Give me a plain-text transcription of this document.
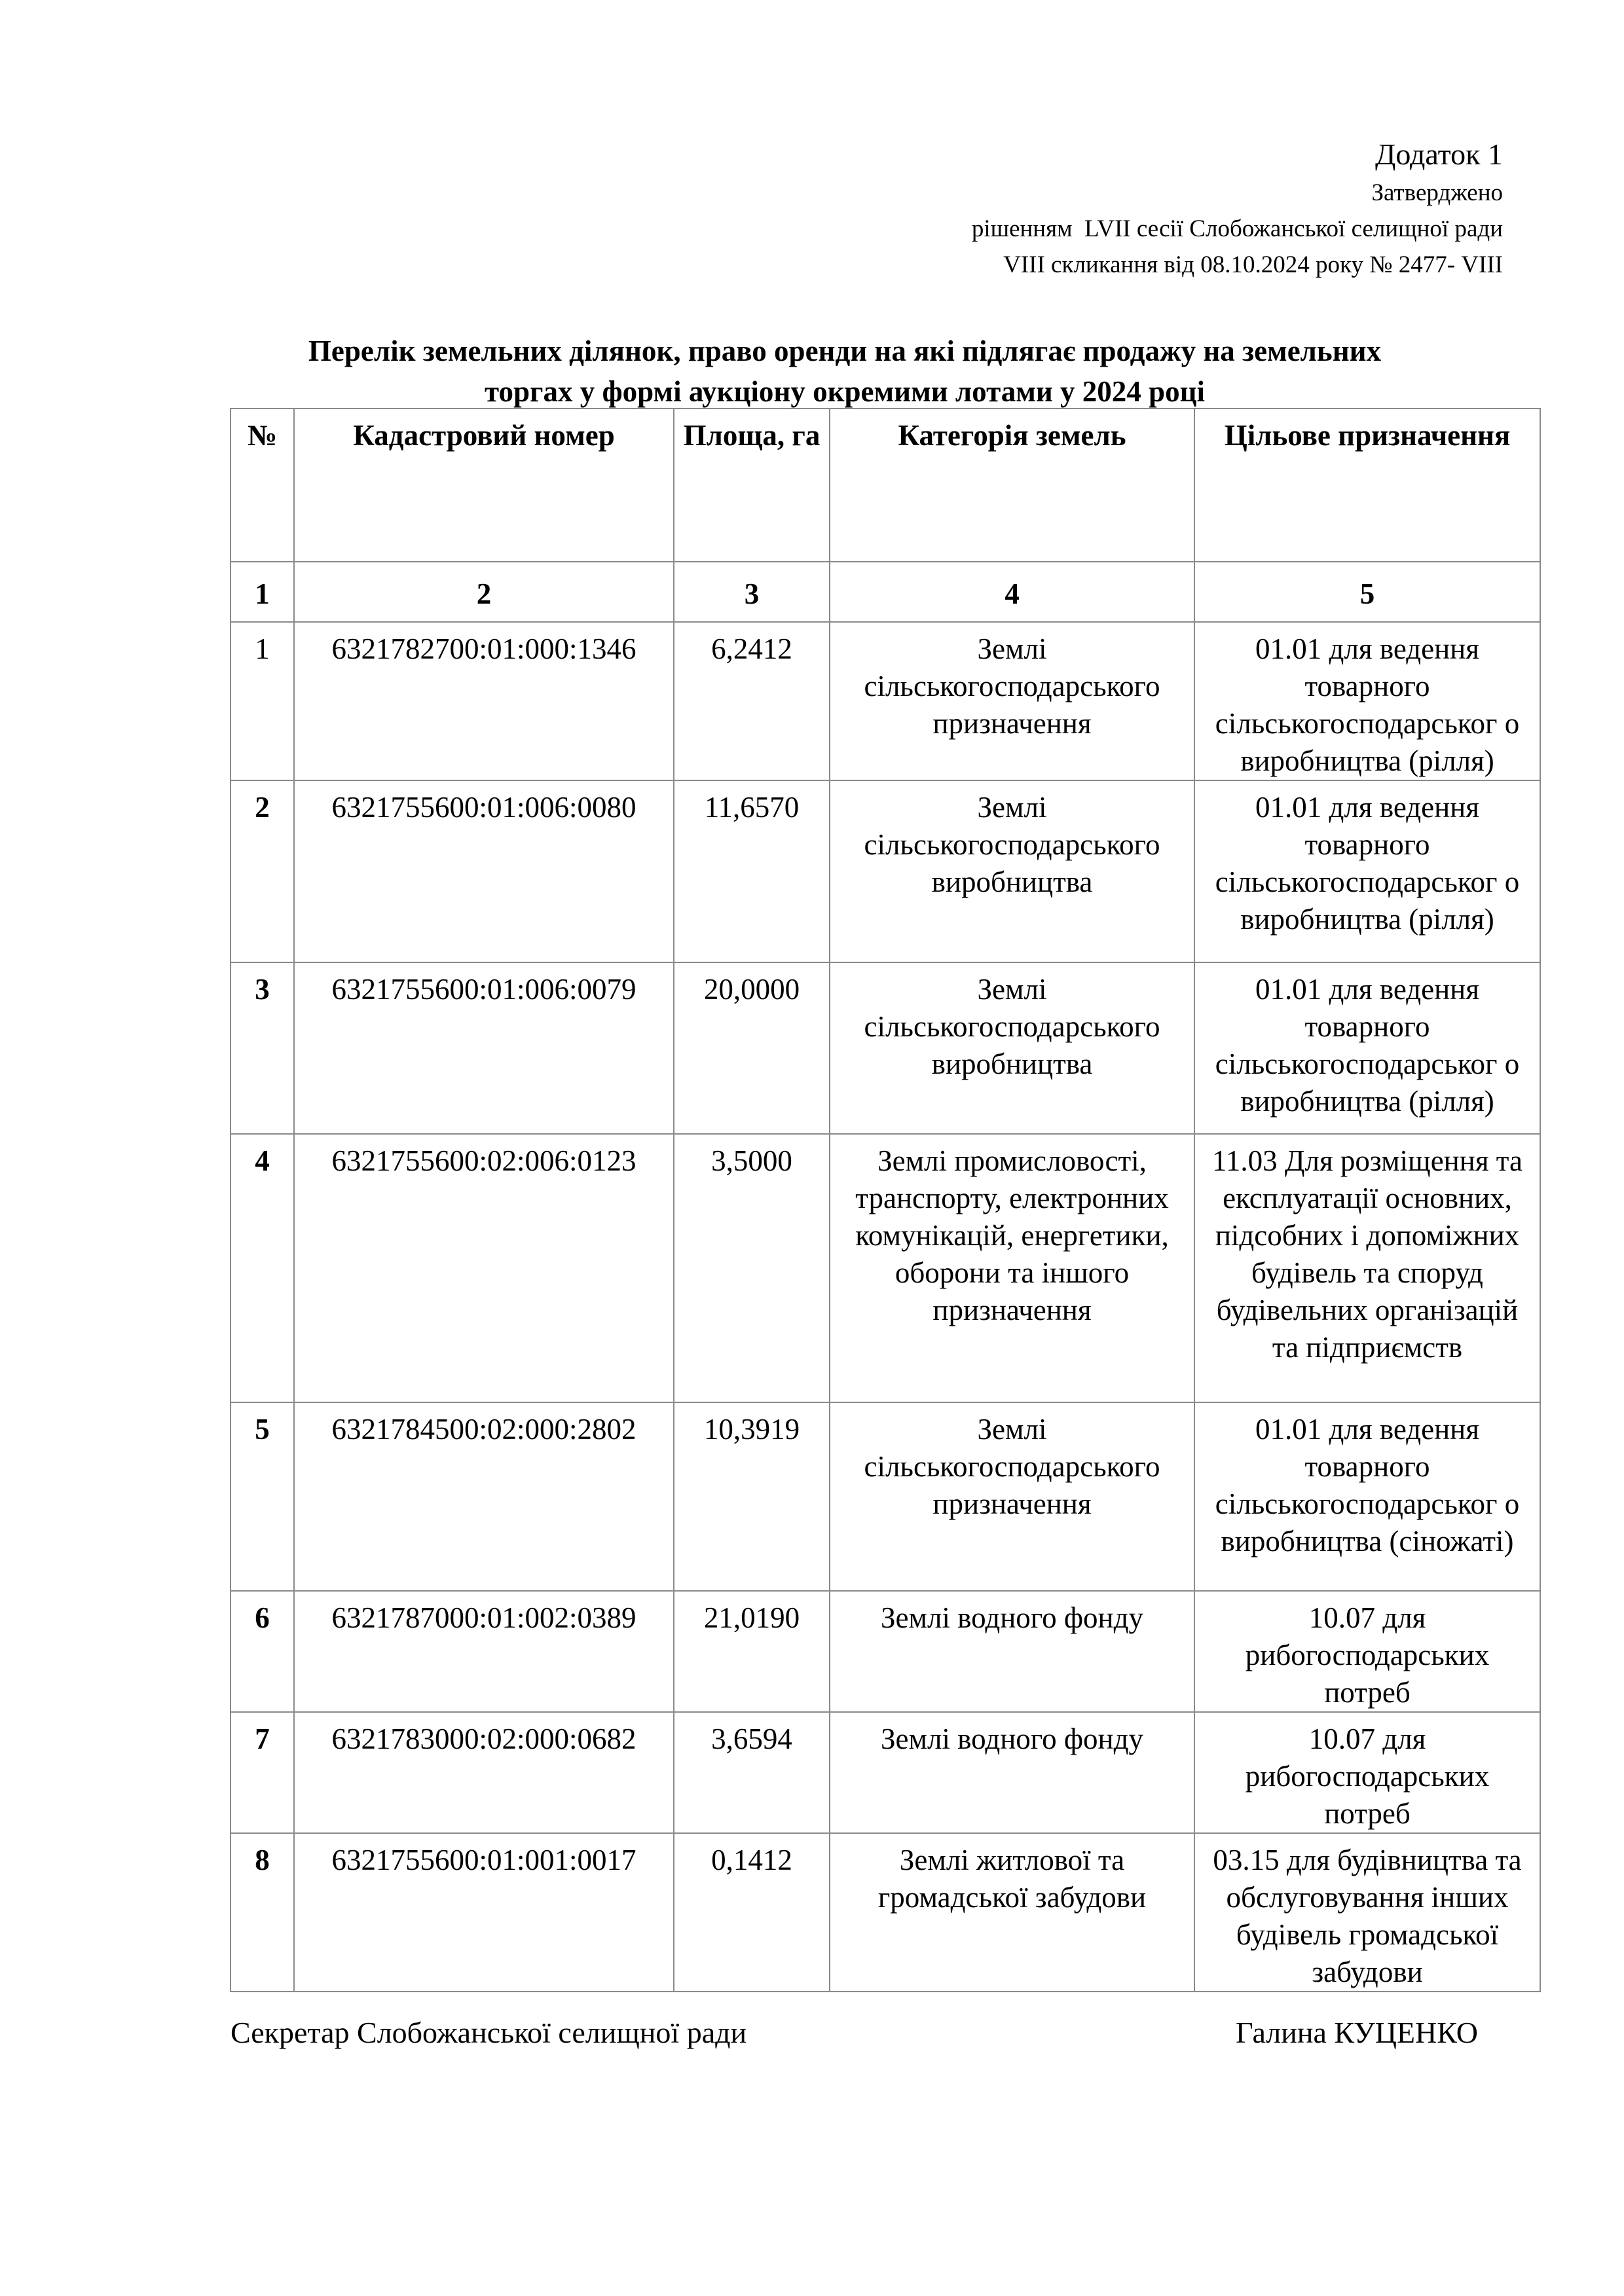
Додаток 1
Затверджено
рішенням  LVII сесії Слобожанської селищної ради
VIII скликання від 08.10.2024 року № 2477- VIII
Перелік земельних ділянок, право оренди на які підлягає продажу на земельних
торгах у формі аукціону окремими лотами у 2024 році
№	Кадастровий номер	Площа, га	Категорія земель	Цільове призначення
1	2	3	4	5
1	6321782700:01:000:1346	6,2412	Землі сільськогосподарського призначення	01.01 для ведення товарного сільськогосподарськог о виробництва (рілля)
2	6321755600:01:006:0080	11,6570	Землі сільськогосподарського виробництва	01.01 для ведення товарного сільськогосподарськог о виробництва (рілля)
3	6321755600:01:006:0079	20,0000	Землі сільськогосподарського виробництва	01.01 для ведення товарного сільськогосподарськог о виробництва (рілля)
4	6321755600:02:006:0123	3,5000	Землі промисловості, транспорту, електронних комунікацій, енергетики, оборони та іншого призначення	11.03 Для розміщення та експлуатації основних, підсобних і допоміжних будівель та споруд будівельних організацій та підприємств
5	6321784500:02:000:2802	10,3919	Землі сільськогосподарського призначення	01.01 для ведення товарного сільськогосподарськог о виробництва (сіножаті)
6	6321787000:01:002:0389	21,0190	Землі водного фонду	10.07 для рибогосподарських потреб
7	6321783000:02:000:0682	3,6594	Землі водного фонду	10.07 для рибогосподарських потреб
8	6321755600:01:001:0017	0,1412	Землі житлової та громадської забудови	03.15 для будівництва та обслуговування інших будівель громадської забудови
Секретар Слобожанської селищної ради	Галина КУЦЕНКО
